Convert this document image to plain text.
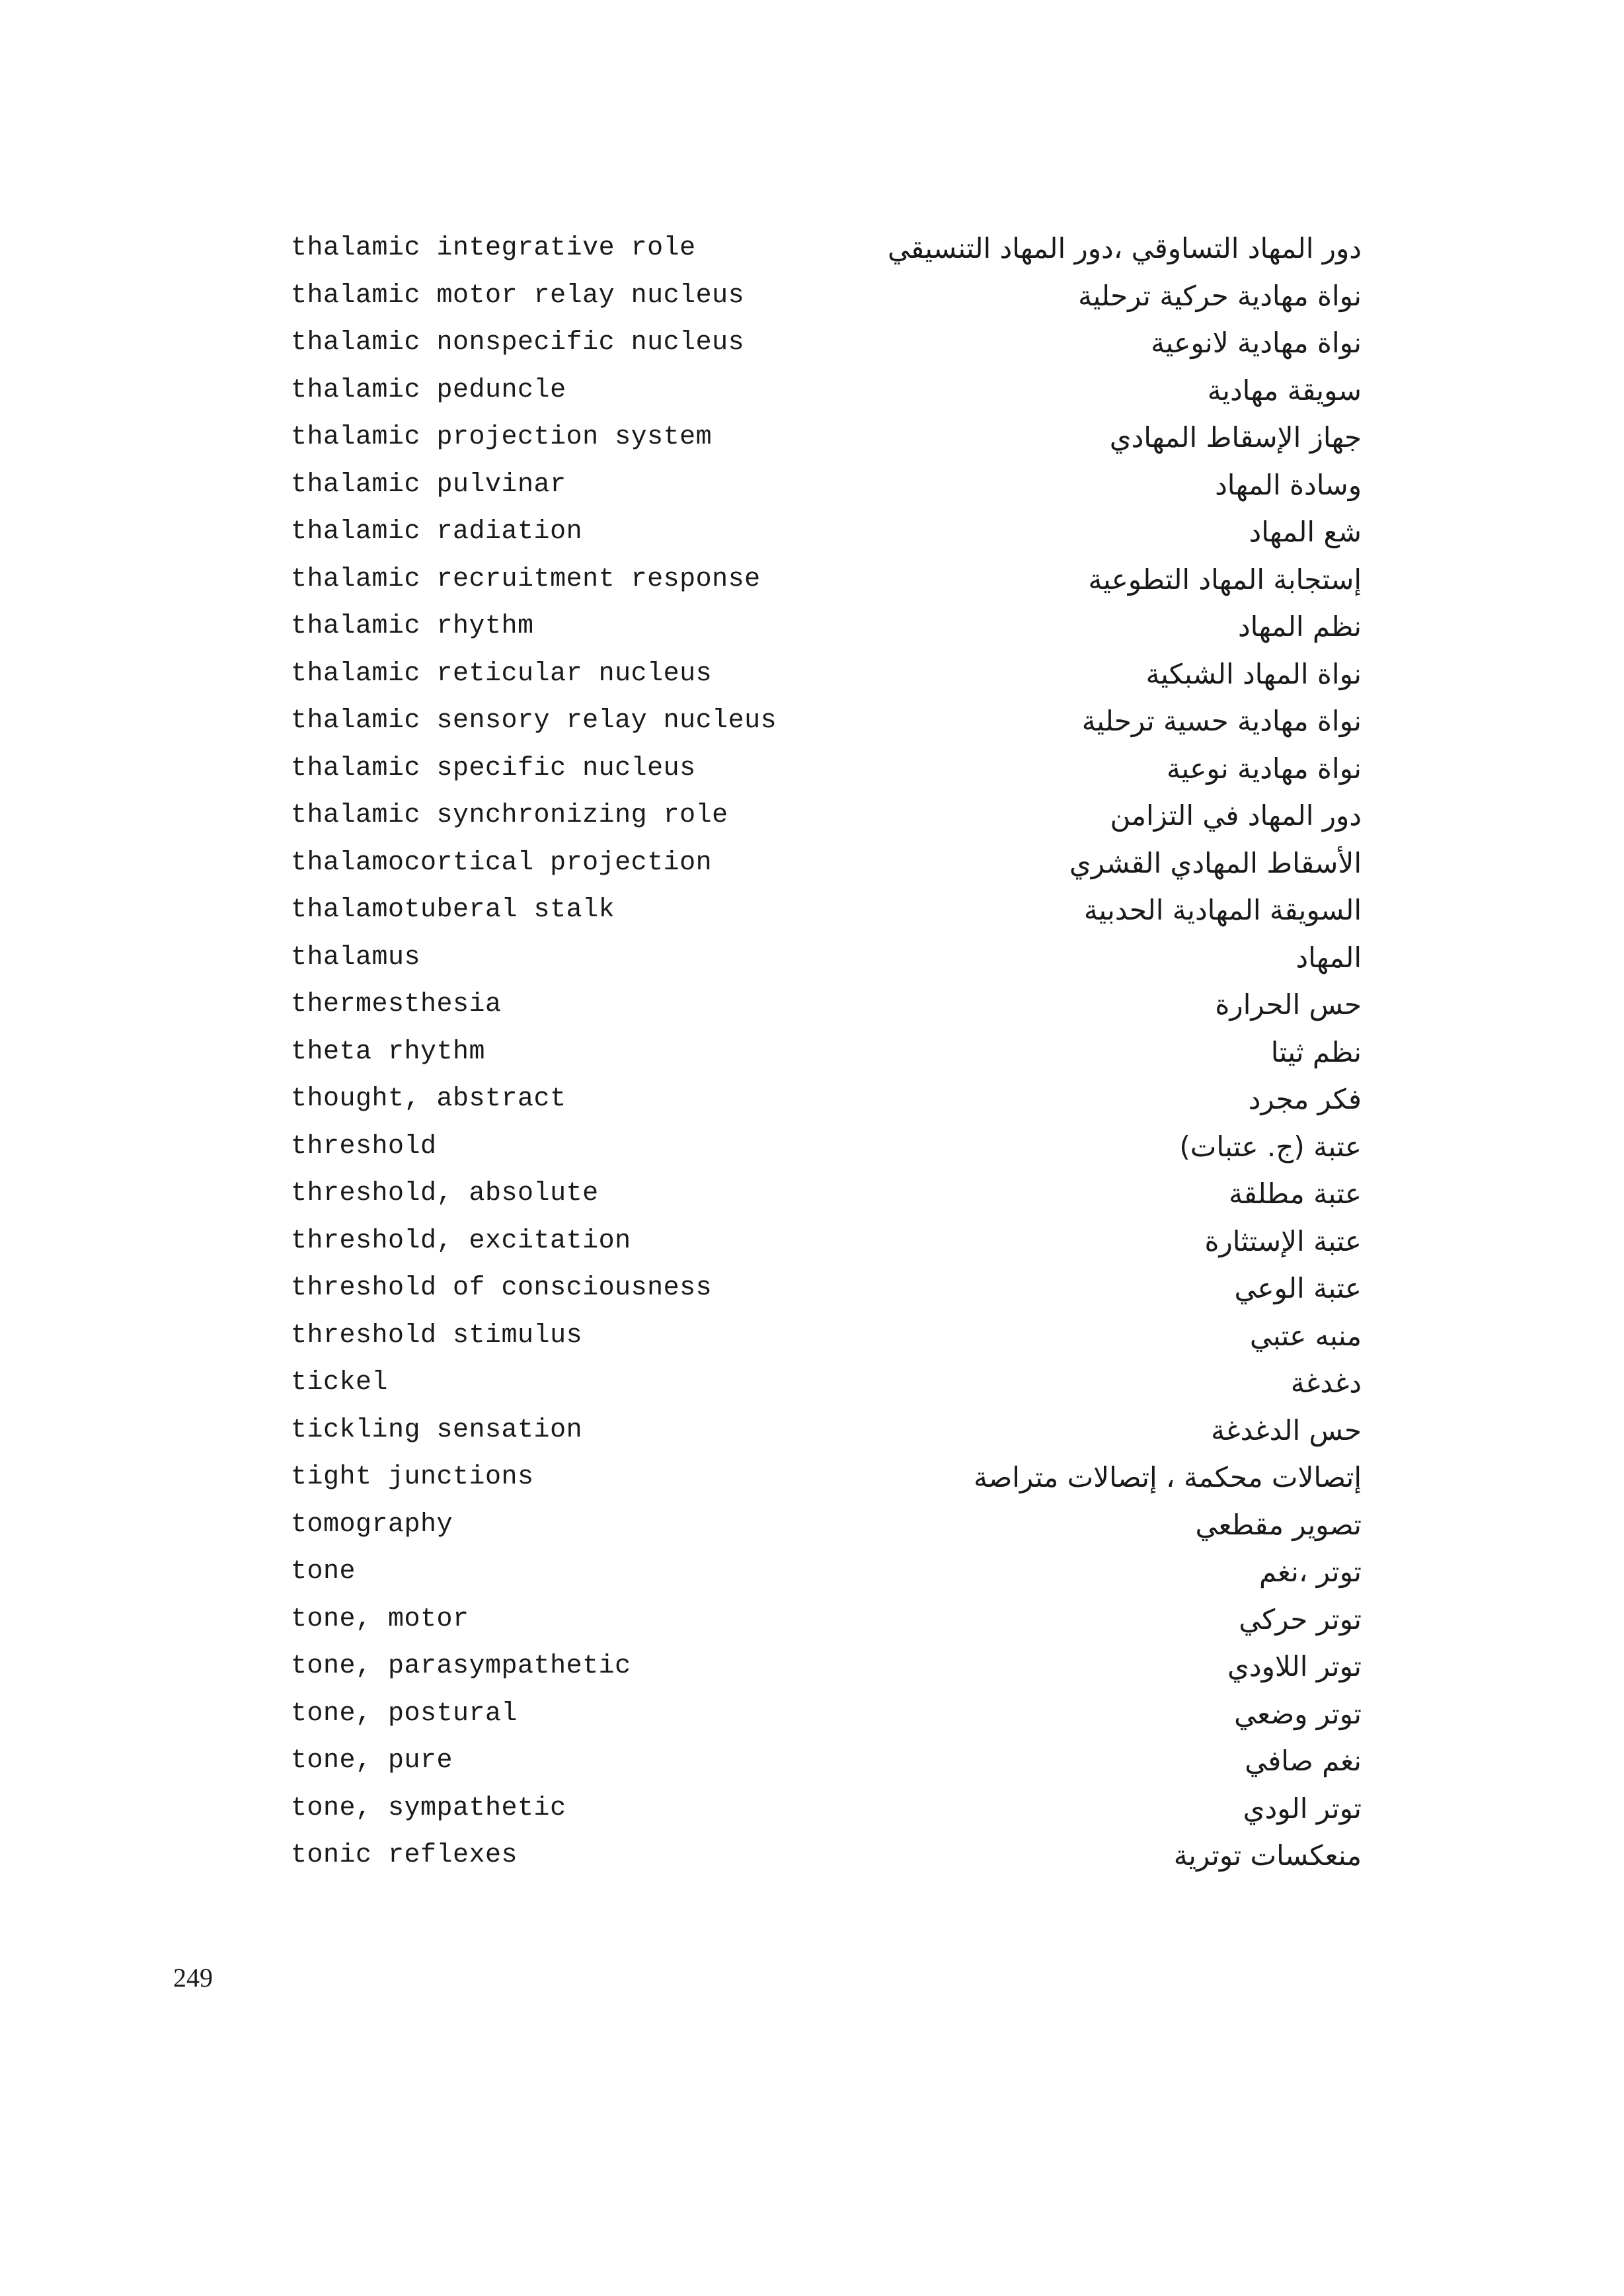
thalamic integrative role	دور المهاد التساوقي ،دور المهاد التنسيقي
thalamic motor relay nucleus	نواة مهادية حركية ترحلية
thalamic nonspecific nucleus	نواة مهادية لانوعية
thalamic peduncle	سويقة مهادية
thalamic projection system	جهاز الإسقاط المهادي
thalamic pulvinar	وسادة المهاد
thalamic radiation	شع المهاد
thalamic recruitment response	إستجابة المهاد التطوعية
thalamic rhythm	نظم المهاد
thalamic reticular nucleus	نواة المهاد الشبكية
thalamic sensory relay nucleus	نواة مهادية حسية ترحلية
thalamic specific nucleus	نواة مهادية نوعية
thalamic synchronizing role	دور المهاد في التزامن
thalamocortical projection	الأسقاط المهادي القشري
thalamotuberal stalk	السويقة المهادية الحدبية
thalamus	المهاد
thermesthesia	حس الحرارة
theta rhythm	نظم ثيتا
thought, abstract	فكر مجرد
threshold	عتبة (ج. عتبات)
threshold, absolute	عتبة مطلقة
threshold, excitation	عتبة الإستثارة
threshold of consciousness	عتبة الوعي
threshold stimulus	منبه عتبي
tickel	دغدغة
tickling sensation	حس الدغدغة
tight junctions	إتصالات محكمة ، إتصالات متراصة
tomography	تصوير مقطعي
tone	توتر ،نغم
tone, motor	توتر حركي
tone, parasympathetic	توتر اللاودي
tone, postural	توتر وضعي
tone, pure	نغم صافي
tone, sympathetic	توتر الودي
tonic reflexes	منعكسات توترية
249
